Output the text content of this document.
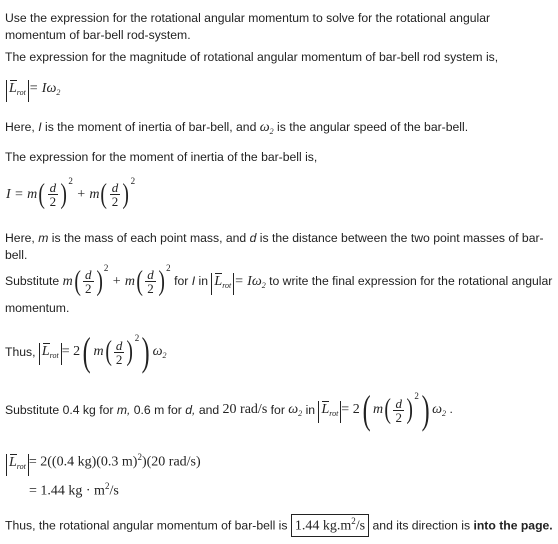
Use the expression for the rotational angular momentum to solve for the rotational angular momentum of bar-bell rod-system.
The expression for the magnitude of rotational angular momentum of bar-bell rod system is,
$L_{rot} = I\omega_2$
Here, I is the moment of inertia of bar-bell, and $\omega_2$ is the angular speed of the bar-bell.
The expression for the moment of inertia of the bar-bell is,
$I = m( \frac{d}{2} )^2 + m( \frac{d}{2} )^2$
Here, m is the mass of each point mass, and d is the distance between the two point masses of bar-bell.
Substitute $m( \frac{d}{2} )^2 + m( \frac{d}{2} )^2$ for I in $L_{rot} = I\omega_2$ to write the final expression for the rotational angular
momentum.
Thus, $L_{rot} = 2$( $m( \frac{d}{2} )^2$) $\omega_2$
Substitute 0.4 kg for m, 0.6 m for d, and 20 rad/s for $\omega_2$ in $L_{rot} = 2$( $m( \frac{d}{2} )^2$) $\omega_2$ .
$L_{rot} = 2((0.4$ kg)(0.3 m)$^2$)(20 rad/s)
= 1.44 kg · $m^2/s$
Thus, the rotational angular momentum of bar-bell is 1.44 $kg.m^2/s$ and its direction is into the page.
